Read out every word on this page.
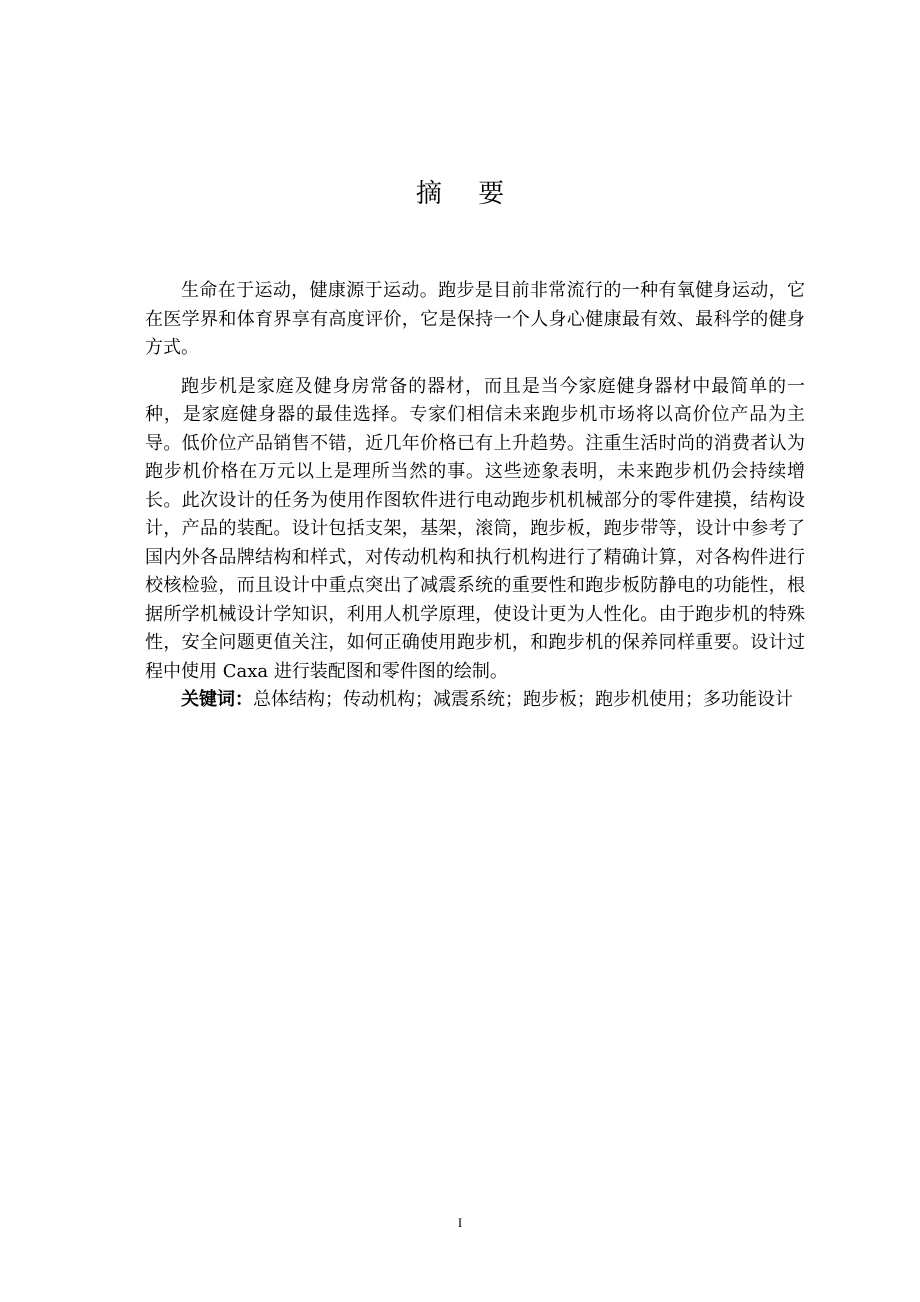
摘 要

生命在于运动，健康源于运动。跑步是目前非常流行的一种有氧健身运动，它在医学界和体育界享有高度评价，它是保持一个人身心健康最有效、最科学的健身方式。

跑步机是家庭及健身房常备的器材，而且是当今家庭健身器材中最简单的一种，是家庭健身器的最佳选择。专家们相信未来跑步机市场将以高价位产品为主导。低价位产品销售不错，近几年价格已有上升趋势。注重生活时尚的消费者认为跑步机价格在万元以上是理所当然的事。这些迹象表明，未来跑步机仍会持续增长。此次设计的任务为使用作图软件进行电动跑步机机械部分的零件建摸，结构设计，产品的装配。设计包括支架，基架，滚筒，跑步板，跑步带等，设计中参考了国内外各品牌结构和样式，对传动机构和执行机构进行了精确计算，对各构件进行校核检验，而且设计中重点突出了减震系统的重要性和跑步板防静电的功能性，根据所学机械设计学知识，利用人机学原理，使设计更为人性化。由于跑步机的特殊性，安全问题更值关注，如何正确使用跑步机，和跑步机的保养同样重要。设计过程中使用 Caxa 进行装配图和零件图的绘制。

关键词：总体结构；传动机构；减震系统；跑步板；跑步机使用；多功能设计

I
